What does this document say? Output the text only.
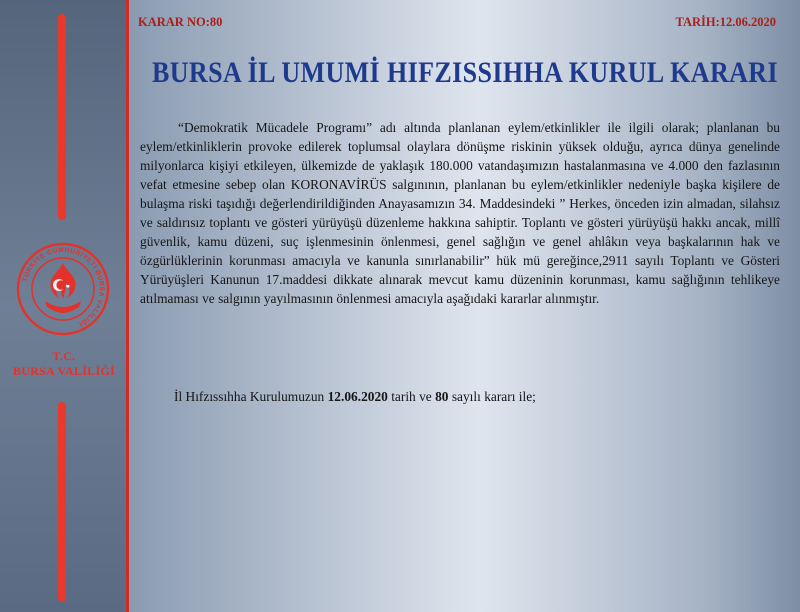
TÜRKİYE CUMHURİYETİ BURSA VALİLİĞİ
T.C.
BURSA VALİLİĞİ
KARAR NO:80	TARİH:12.06.2020
BURSA İL UMUMİ HIFZISSIHHA KURUL KARARI

“Demokratik Mücadele Programı” adı altında planlanan eylem/etkinlikler ile ilgili olarak; planlanan bu eylem/etkinliklerin provoke edilerek toplumsal olaylara dönüşme riskinin yüksek olduğu, ayrıca dünya genelinde milyonlarca kişiyi etkileyen, ülkemizde de yaklaşık 180.000 vatandaşımızın hastalanmasına ve 4.000 den fazlasının vefat etmesine sebep olan KORONAVİRÜS salgınının, planlanan bu eylem/etkinlikler nedeniyle başka kişilere de bulaşma riski taşıdığı değerlendirildiğinden Anayasamızın 34. Maddesindeki ” Herkes, önceden izin almadan, silahsız ve saldırısız toplantı ve gösteri yürüyüşü düzenleme hakkına sahiptir. Toplantı ve gösteri yürüyüşü hakkı ancak, millî güvenlik, kamu düzeni, suç işlenmesinin önlenmesi, genel sağlığın ve genel ahlâkın veya başkalarının hak ve özgürlüklerinin korunması amacıyla ve kanunla sınırlanabilir” hük mü gereğince,2911 sayılı Toplantı ve Gösteri Yürüyüşleri Kanunun 17.maddesi dikkate alınarak mevcut kamu düzeninin korunması, kamu sağlığının tehlikeye atılmaması ve salgının yayılmasının önlenmesi amacıyla aşağıdaki kararlar alınmıştır.

İl Hıfzıssıhha Kurulumuzun 12.06.2020 tarih ve 80 sayılı kararı ile;
